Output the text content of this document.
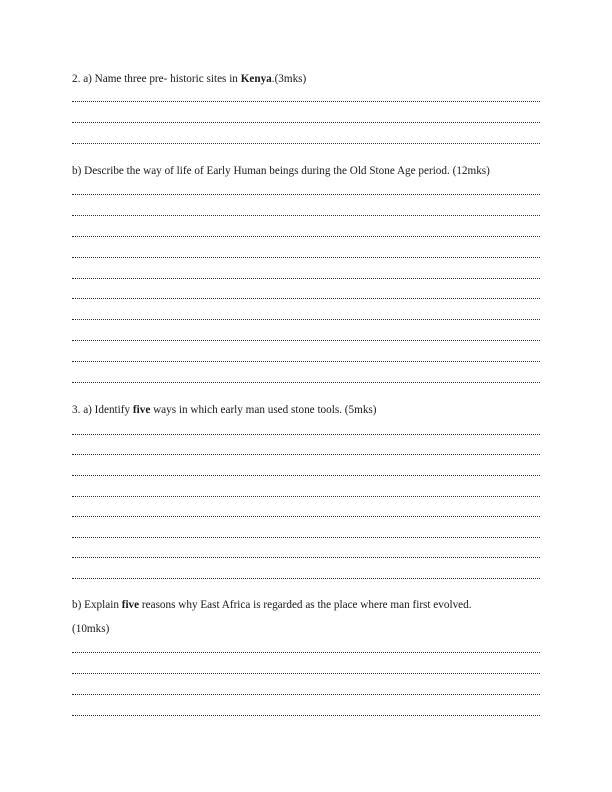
2. a) Name three pre- historic sites in Kenya.(3mks)
b) Describe the way of life of Early Human beings during the Old Stone Age period. (12mks)
3. a) Identify five ways in which early man used stone tools. (5mks)
b) Explain five reasons why East Africa is regarded as the place where man first evolved.
(10mks)
